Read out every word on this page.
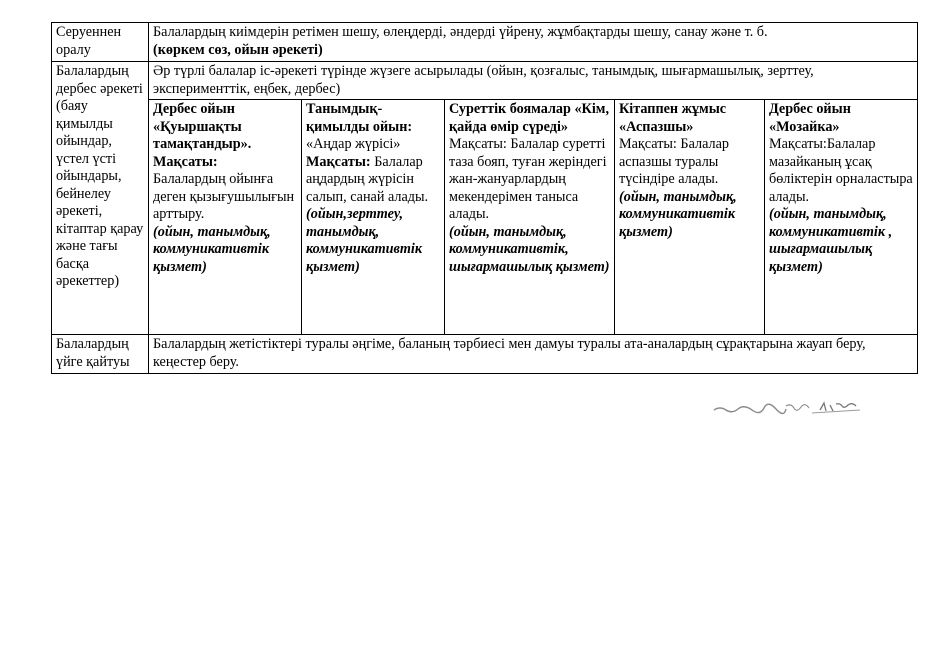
Серуеннен оралу	Балалардың киімдерін ретімен шешу, өлеңдерді, әндерді үйрену, жұмбақтарды шешу, санау және т. б.
(көркем сөз, ойын әрекеті)				

Балалардың дербес әрекеті (баяу қимылды ойындар, үстел үсті ойындары, бейнелеу әрекеті, кітаптар қарау және тағы басқа әрекеттер)	Әр түрлі балалар іс-әрекеті түрінде жүзеге асырылады (ойын, қозғалыс, танымдық, шығармашылық, зерттеу, эксперименттік, еңбек, дербес)				

	Дербес ойын «Қуыршақты тамақтандыр».
Мақсаты:
Балалардың ойынға деген қызығушылығын арттыру.
(ойын, танымдық, коммуникативтік қызмет)	Танымдық-қимылды ойын:
«Аңдар жүрісі»
Мақсаты: Балалар аңдардың жүрісін салып, санай алады.
(ойын,зерттеу, танымдық, коммуникативтік қызмет)	Суреттік боямалар «Кім, қайда өмір сүреді»
Мақсаты: Балалар суретті таза бояп, туған жеріндегі жан-жануарлардың мекендерімен таныса алады.
(ойын, танымдық, коммуникативтік, шығармашылық қызмет)	Кітаппен жұмыс «Аспазшы»
Мақсаты: Балалар аспазшы туралы түсіндіре алады.
(ойын, танымдық, коммуникативтік қызмет)	Дербес ойын «Мозайка»
Мақсаты:Балалар мазайканың ұсақ бөліктерін орналастыра алады.
(ойын, танымдық, коммуникативтік , шығармашылық қызмет)

Балалардың үйге қайтуы	Балалардың жетістіктері туралы әңгіме, баланың тәрбиесі мен дамуы туралы ата-аналардың сұрақтарына жауап беру, кеңестер беру.				
